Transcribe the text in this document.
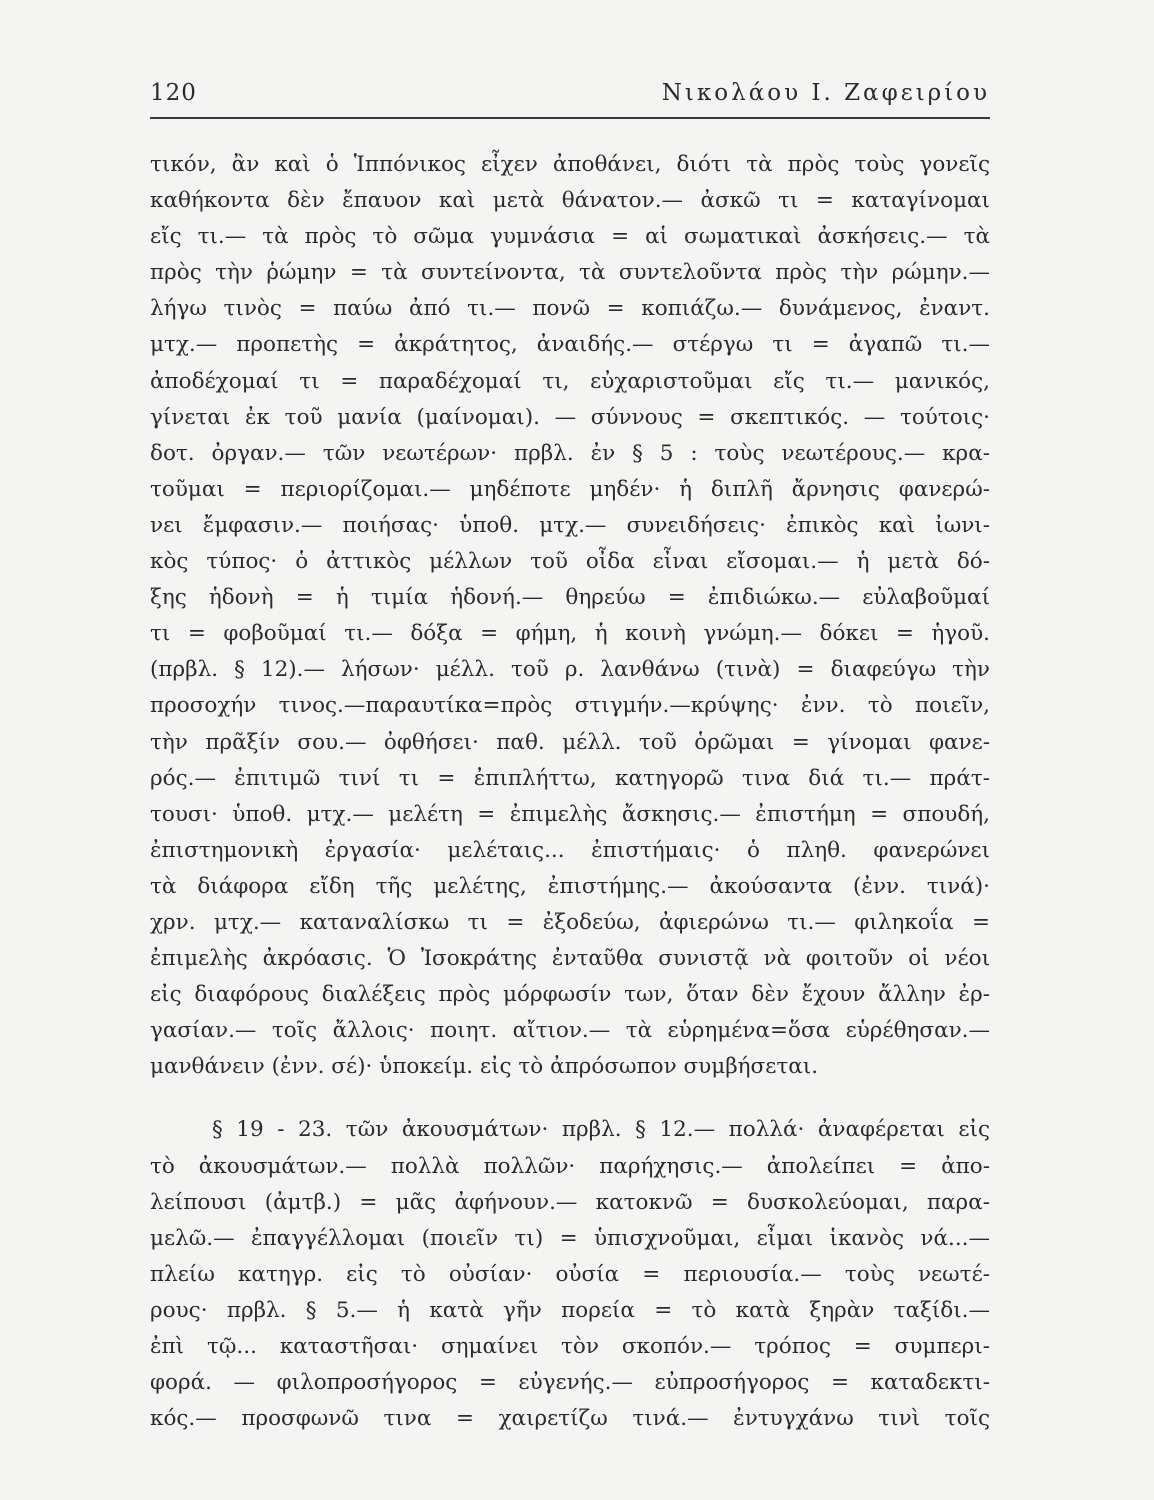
120	Νικολάου Ι. Ζαφειρίου
τικόν, ἂν καὶ ὁ Ἱππόνικος εἶχεν ἀποθάνει, διότι τὰ πρὸς τοὺς γονεῖς
καθήκοντα δὲν ἔπαυον καὶ μετὰ θάνατον.— ἀσκῶ τι = καταγίνομαι
εἴς τι.— τὰ πρὸς τὸ σῶμα γυμνάσια = αἱ σωματικαὶ ἀσκήσεις.— τὰ
πρὸς τὴν ῥώμην = τὰ συντείνοντα, τὰ συντελοῦντα πρὸς τὴν ρώμην.—
λήγω τινὸς = παύω ἀπό τι.— πονῶ = κοπιάζω.— δυνάμενος, ἐναντ.
μτχ.— προπετὴς = ἀκράτητος, ἀναιδής.— στέργω τι = ἀγαπῶ τι.—
ἀποδέχομαί τι = παραδέχομαί τι, εὐχαριστοῦμαι εἴς τι.— μανικός,
γίνεται ἐκ τοῦ μανία (μαίνομαι). — σύννους = σκεπτικός. — τούτοις·
δοτ. ὀργαν.— τῶν νεωτέρων· πρβλ. ἐν § 5 : τοὺς νεωτέρους.— κρα-
τοῦμαι = περιορίζομαι.— μηδέποτε μηδέν· ἡ διπλῆ ἄρνησις φανερώ-
νει ἔμφασιν.— ποιήσας· ὑποθ. μτχ.— συνειδήσεις· ἐπικὸς καὶ ἰωνι-
κὸς τύπος· ὁ ἀττικὸς μέλλων τοῦ οἶδα εἶναι εἴσομαι.— ἡ μετὰ δό-
ξης ἡδονὴ = ἡ τιμία ἡδονή.— θηρεύω = ἐπιδιώκω.— εὐλαβοῦμαί
τι = φοβοῦμαί τι.— δόξα = φήμη, ἡ κοινὴ γνώμη.— δόκει = ἡγοῦ.
(πρβλ. § 12).— λήσων· μέλλ. τοῦ ρ. λανθάνω (τινὰ) = διαφεύγω τὴν
προσοχήν τινος.—παραυτίκα=πρὸς στιγμήν.—κρύψης· ἐνν. τὸ ποιεῖν,
τὴν πρᾶξίν σου.— ὀφθήσει· παθ. μέλλ. τοῦ ὁρῶμαι = γίνομαι φανε-
ρός.— ἐπιτιμῶ τινί τι = ἐπιπλήττω, κατηγορῶ τινα διά τι.— πράτ-
τουσι· ὑποθ. μτχ.— μελέτη = ἐπιμελὴς ἄσκησις.— ἐπιστήμη = σπουδή,
ἐπιστημονικὴ ἐργασία· μελέταις... ἐπιστήμαις· ὁ πληθ. φανερώνει
τὰ διάφορα εἴδη τῆς μελέτης, ἐπιστήμης.— ἀκούσαντα (ἐνν. τινά)·
χρν. μτχ.— καταναλίσκω τι = ἐξοδεύω, ἀφιερώνω τι.— φιληκοΐα =
ἐπιμελὴς ἀκρόασις. Ὁ Ἰσοκράτης ἐνταῦθα συνιστᾷ νὰ φοιτοῦν οἱ νέοι
εἰς διαφόρους διαλέξεις πρὸς μόρφωσίν των, ὅταν δὲν ἔχουν ἄλλην ἐρ-
γασίαν.— τοῖς ἄλλοις· ποιητ. αἴτιον.— τὰ εὑρημένα=ὅσα εὑρέθησαν.—
μανθάνειν (ἐνν. σέ)· ὑποκείμ. εἰς τὸ ἀπρόσωπον συμβήσεται.
§ 19 - 23. τῶν ἀκουσμάτων· πρβλ. § 12.— πολλά· ἀναφέρεται εἰς
τὸ ἀκουσμάτων.— πολλὰ πολλῶν· παρήχησις.— ἀπολείπει = ἀπο-
λείπουσι (ἀμτβ.) = μᾶς ἀφήνουν.— κατοκνῶ = δυσκολεύομαι, παρα-
μελῶ.— ἐπαγγέλλομαι (ποιεῖν τι) = ὑπισχνοῦμαι, εἶμαι ἱκανὸς νά...—
πλείω κατηγρ. εἰς τὸ οὐσίαν· οὐσία = περιουσία.— τοὺς νεωτέ-
ρους· πρβλ. § 5.— ἡ κατὰ γῆν πορεία = τὸ κατὰ ξηρὰν ταξίδι.—
ἐπὶ τῷ... καταστῆσαι· σημαίνει τὸν σκοπόν.— τρόπος = συμπερι-
φορά. — φιλοπροσήγορος = εὐγενής.— εὐπροσήγορος = καταδεκτι-
κός.— προσφωνῶ τινα = χαιρετίζω τινά.— ἐντυγχάνω τινὶ τοῖς
